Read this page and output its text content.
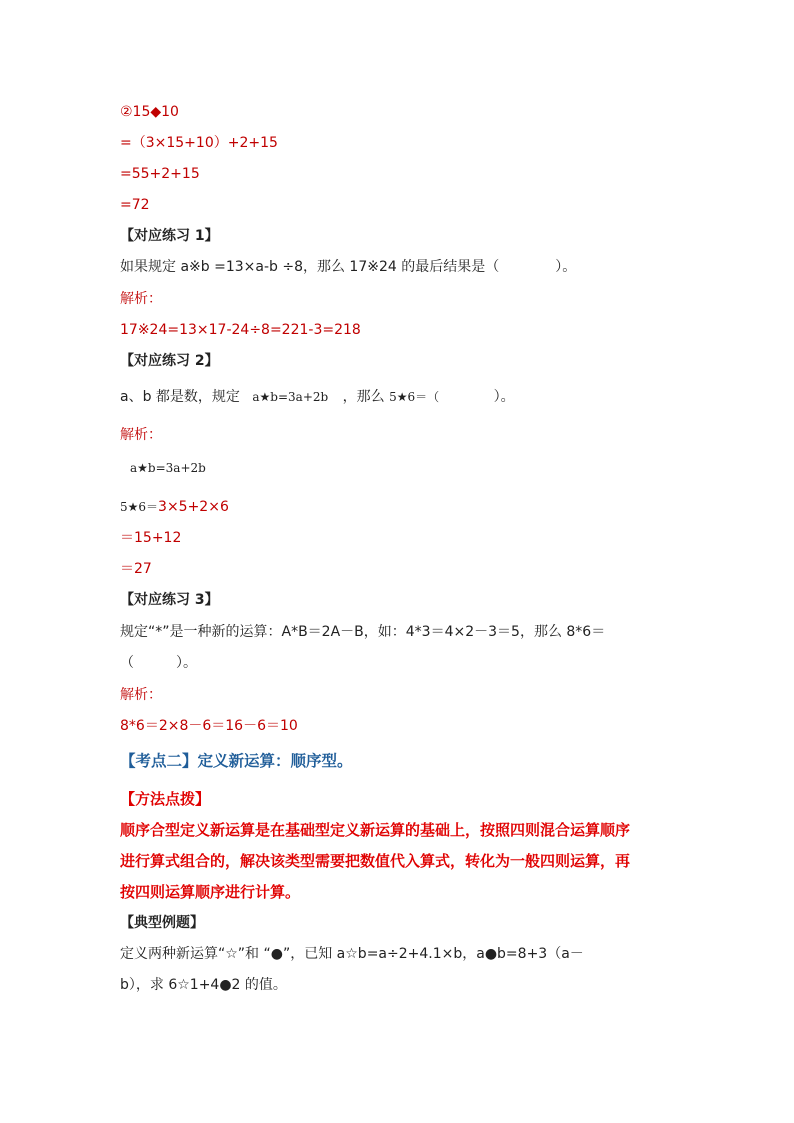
②15◆10
=（3×15+10）+2+15
=55+2+15
=72
【对应练习 1】
如果规定 a※b =13×a-b ÷8，那么 17※24 的最后结果是（　　　　）。
解析：
17※24=13×17-24÷8=221-3=218
【对应练习 2】
a、b 都是数，规定 a★b=3a+2b ，那么 5★6＝（	）。
解析：
a★b=3a+2b
5★6＝3×5+2×6
＝15+12
＝27
【对应练习 3】
规定“*”是一种新的运算：A*B＝2A－B，如：4*3＝4×2－3＝5，那么 8*6＝
（　　　）。
解析：
8*6＝2×8－6＝16－6＝10
【考点二】定义新运算：顺序型。
【方法点拨】
顺序合型定义新运算是在基础型定义新运算的基础上，按照四则混合运算顺序
进行算式组合的，解决该类型需要把数值代入算式，转化为一般四则运算，再
按四则运算顺序进行计算。
【典型例题】
定义两种新运算“☆”和 “●”，已知 a☆b=a÷2+4.1×b，a●b=8+3（a－
b），求 6☆1+4●2 的值。
